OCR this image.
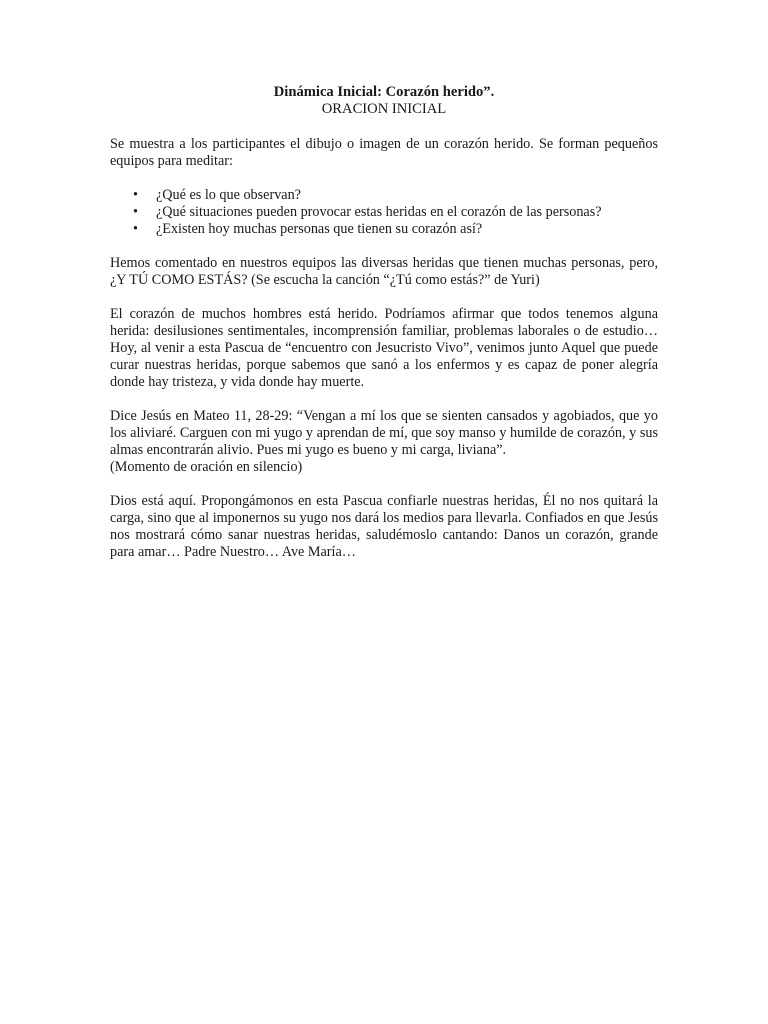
Dinámica Inicial: Corazón herido”.
ORACION INICIAL

Se muestra a los participantes el dibujo o imagen de un corazón herido. Se forman pequeños equipos para meditar:

• ¿Qué es lo que observan?
• ¿Qué situaciones pueden provocar estas heridas en el corazón de las personas?
• ¿Existen hoy muchas personas que tienen su corazón así?

Hemos comentado en nuestros equipos las diversas heridas que tienen muchas personas, pero, ¿Y TÚ COMO ESTÁS? (Se escucha la canción “¿Tú como estás?” de Yuri)

El corazón de muchos hombres está herido. Podríamos afirmar que todos tenemos alguna herida: desilusiones sentimentales, incomprensión familiar, problemas laborales o de estudio… Hoy, al venir a esta Pascua de “encuentro con Jesucristo Vivo”, venimos junto Aquel que puede curar nuestras heridas, porque sabemos que sanó a los enfermos y es capaz de poner alegría donde hay tristeza, y vida donde hay muerte.

Dice Jesús en Mateo 11, 28-29: “Vengan a mí los que se sienten cansados y agobiados, que yo los aliviaré. Carguen con mi yugo y aprendan de mí, que soy manso y humilde de corazón, y sus almas encontrarán alivio. Pues mi yugo es bueno y mi carga, liviana”.
(Momento de oración en silencio)

Dios está aquí. Propongámonos en esta Pascua confiarle nuestras heridas, Él no nos quitará la carga, sino que al imponernos su yugo nos dará los medios para llevarla. Confiados en que Jesús nos mostrará cómo sanar nuestras heridas, saludémoslo cantando: Danos un corazón, grande para amar… Padre Nuestro… Ave María…
